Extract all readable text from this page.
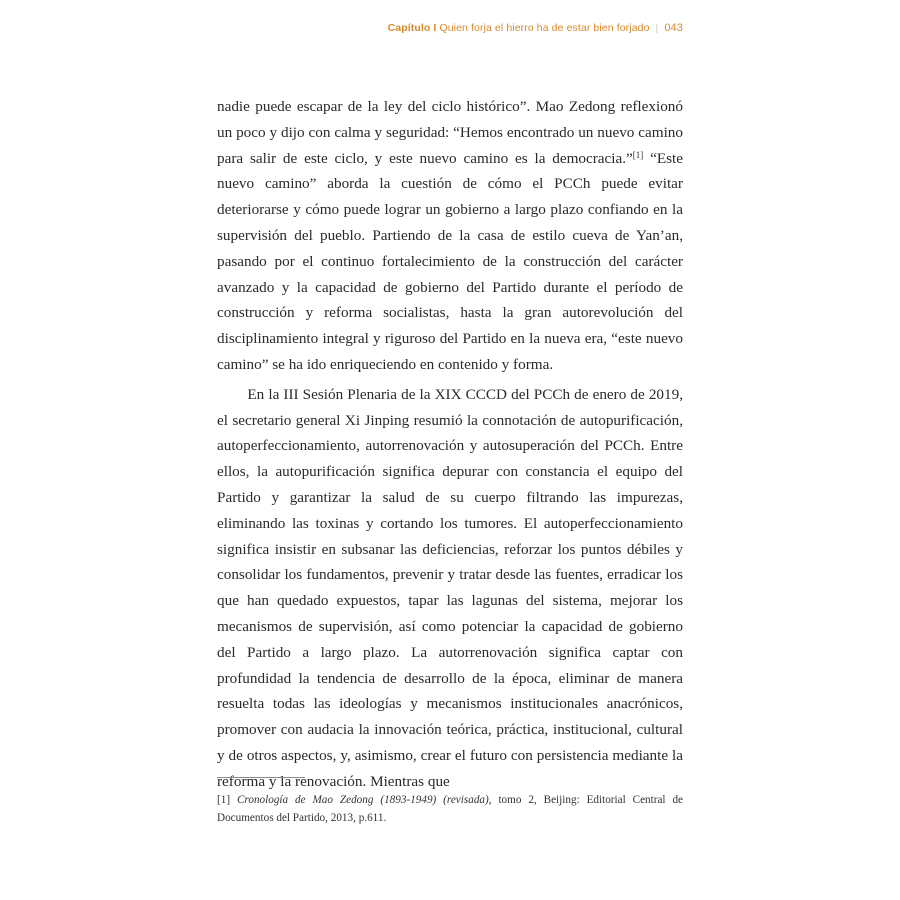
Capítulo I Quien forja el hierro ha de estar bien forjado | 043

nadie puede escapar de la ley del ciclo histórico”. Mao Zedong reflexionó un poco y dijo con calma y seguridad: “Hemos encontrado un nuevo camino para salir de este ciclo, y este nuevo camino es la democracia.”[1] “Este nuevo camino” aborda la cuestión de cómo el PCCh puede evitar deteriorarse y cómo puede lograr un gobierno a largo plazo confiando en la supervisión del pueblo. Partiendo de la casa de estilo cueva de Yan’an, pasando por el continuo fortalecimiento de la construcción del carácter avanzado y la capacidad de gobierno del Partido durante el período de construcción y reforma socialistas, hasta la gran autorevolución del disciplinamiento integral y riguroso del Partido en la nueva era, “este nuevo camino” se ha ido enriqueciendo en contenido y forma.

En la III Sesión Plenaria de la XIX CCCD del PCCh de enero de 2019, el secretario general Xi Jinping resumió la connotación de autopurificación, autoperfeccionamiento, autorrenovación y autosuperación del PCCh. Entre ellos, la autopurificación significa depurar con constancia el equipo del Partido y garantizar la salud de su cuerpo filtrando las impurezas, eliminando las toxinas y cortando los tumores. El autoperfeccionamiento significa insistir en subsanar las deficiencias, reforzar los puntos débiles y consolidar los fundamentos, prevenir y tratar desde las fuentes, erradicar los que han quedado expuestos, tapar las lagunas del sistema, mejorar los mecanismos de supervisión, así como potenciar la capacidad de gobierno del Partido a largo plazo. La autorrenovación significa captar con profundidad la tendencia de desarrollo de la época, eliminar de manera resuelta todas las ideologías y mecanismos institucionales anacrónicos, promover con audacia la innovación teórica, práctica, institucional, cultural y de otros aspectos, y, asimismo, crear el futuro con persistencia mediante la reforma y la renovación. Mientras que

[1] Cronología de Mao Zedong (1893-1949) (revisada), tomo 2, Beijing: Editorial Central de Documentos del Partido, 2013, p.611.
